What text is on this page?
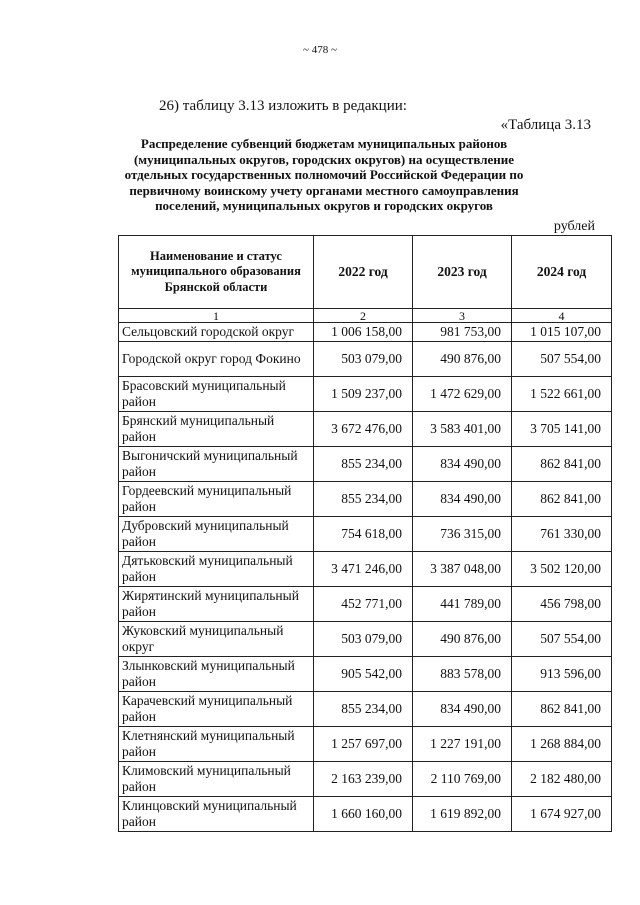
~ 478 ~
26) таблицу 3.13 изложить в редакции:
«Таблица 3.13
Распределение субвенций бюджетам муниципальных районов (муниципальных округов, городских округов) на осуществление отдельных государственных полномочий Российской Федерации по первичному воинскому учету органами местного самоуправления поселений, муниципальных округов и городских округов
рублей
Наименование и статус муниципального образования Брянской области	2022 год	2023 год	2024 год
1	2	3	4
Сельцовский городской округ	1 006 158,00	981 753,00	1 015 107,00
Городской округ город Фокино	503 079,00	490 876,00	507 554,00
Брасовский муниципальный район	1 509 237,00	1 472 629,00	1 522 661,00
Брянский муниципальный район	3 672 476,00	3 583 401,00	3 705 141,00
Выгоничский муниципальный район	855 234,00	834 490,00	862 841,00
Гордеевский муниципальный район	855 234,00	834 490,00	862 841,00
Дубровский муниципальный район	754 618,00	736 315,00	761 330,00
Дятьковский муниципальный район	3 471 246,00	3 387 048,00	3 502 120,00
Жирятинский муниципальный район	452 771,00	441 789,00	456 798,00
Жуковский муниципальный округ	503 079,00	490 876,00	507 554,00
Злынковский муниципальный район	905 542,00	883 578,00	913 596,00
Карачевский муниципальный район	855 234,00	834 490,00	862 841,00
Клетнянский муниципальный район	1 257 697,00	1 227 191,00	1 268 884,00
Климовский муниципальный район	2 163 239,00	2 110 769,00	2 182 480,00
Клинцовский муниципальный район	1 660 160,00	1 619 892,00	1 674 927,00
